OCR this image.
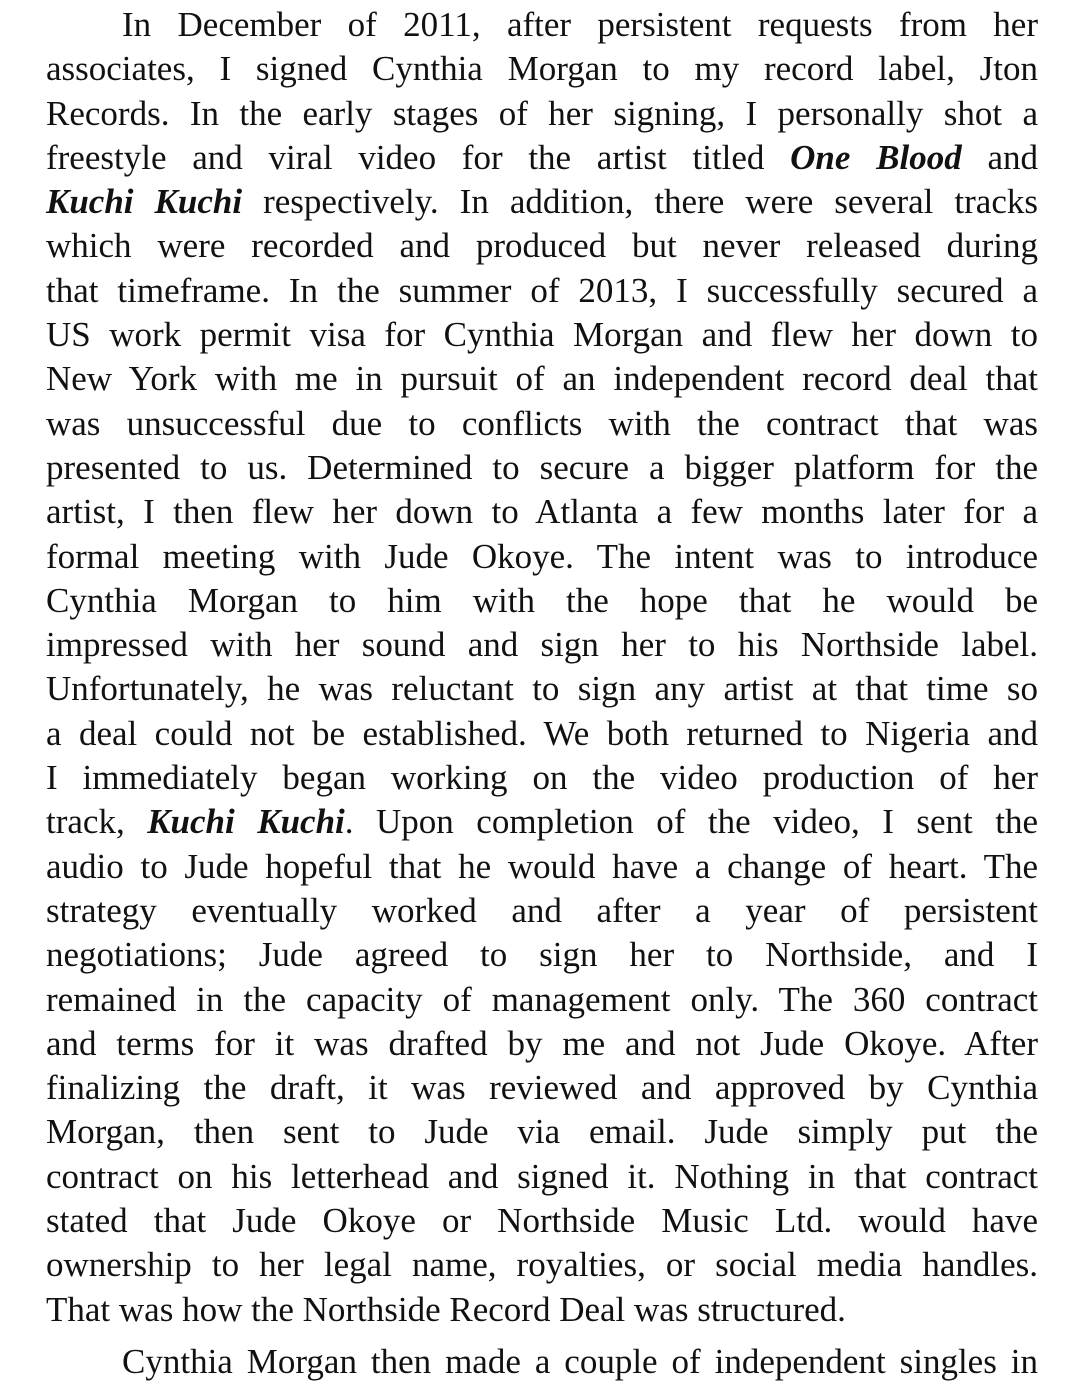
In December of 2011, after persistent requests from her
associates, I signed Cynthia Morgan to my record label, Jton
Records. In the early stages of her signing, I personally shot a
freestyle and viral video for the artist titled One Blood and
Kuchi Kuchi respectively. In addition, there were several tracks
which were recorded and produced but never released during
that timeframe. In the summer of 2013, I successfully secured a
US work permit visa for Cynthia Morgan and flew her down to
New York with me in pursuit of an independent record deal that
was unsuccessful due to conflicts with the contract that was
presented to us. Determined to secure a bigger platform for the
artist, I then flew her down to Atlanta a few months later for a
formal meeting with Jude Okoye. The intent was to introduce
Cynthia Morgan to him with the hope that he would be
impressed with her sound and sign her to his Northside label.
Unfortunately, he was reluctant to sign any artist at that time so
a deal could not be established. We both returned to Nigeria and
I immediately began working on the video production of her
track, Kuchi Kuchi. Upon completion of the video, I sent the
audio to Jude hopeful that he would have a change of heart. The
strategy eventually worked and after a year of persistent
negotiations; Jude agreed to sign her to Northside, and I
remained in the capacity of management only. The 360 contract
and terms for it was drafted by me and not Jude Okoye. After
finalizing the draft, it was reviewed and approved by Cynthia
Morgan, then sent to Jude via email. Jude simply put the
contract on his letterhead and signed it. Nothing in that contract
stated that Jude Okoye or Northside Music Ltd. would have
ownership to her legal name, royalties, or social media handles.
That was how the Northside Record Deal was structured.
Cynthia Morgan then made a couple of independent singles in
